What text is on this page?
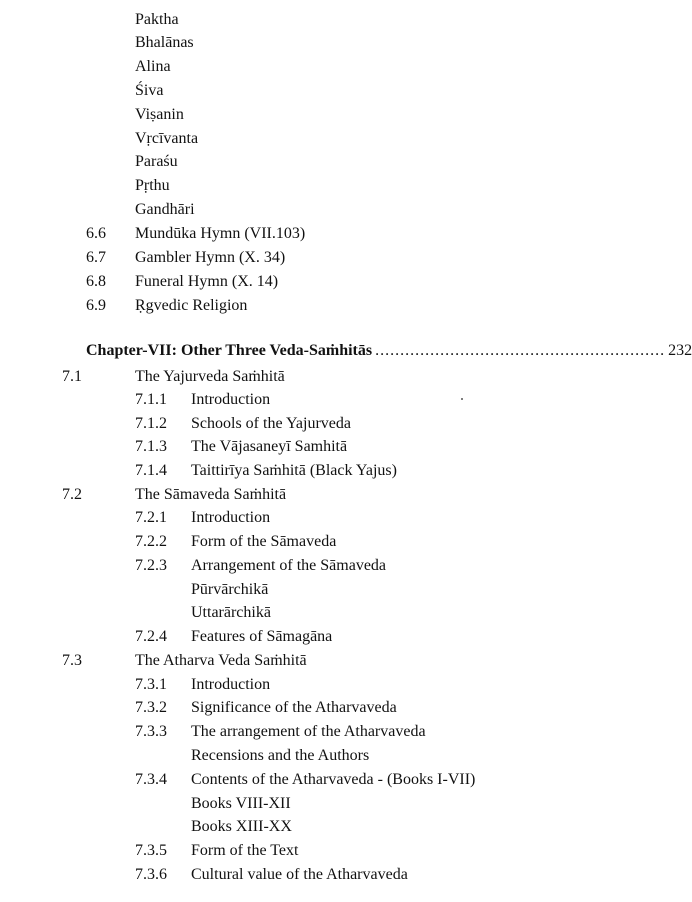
Paktha
Bhalānas
Alina
Śiva
Viṣanin
Vṛcīvanta
Paraśu
Pṛthu
Gandhāri
6.6 Mundūka Hymn (VII.103)
6.7 Gambler Hymn (X. 34)
6.8 Funeral Hymn (X. 14)
6.9 Ṛgvedic Religion
Chapter-VII: Other Three Veda-Saṁhitās .......................................................... 232
7.1	The Yajurveda Saṁhitā
7.1.1 Introduction
7.1.2 Schools of the Yajurveda
7.1.3 The Vājasaneyī Samhitā
7.1.4 Taittirīya Saṁhitā (Black Yajus)
7.2	The Sāmaveda Saṁhitā
7.2.1 Introduction
7.2.2 Form of the Sāmaveda
7.2.3 Arrangement of the Sāmaveda
Pūrvārchikā
Uttarārchikā
7.2.4 Features of Sāmagāna
7.3	The Atharva Veda Saṁhitā
7.3.1 Introduction
7.3.2 Significance of the Atharvaveda
7.3.3 The arrangement of the Atharvaveda
Recensions and the Authors
7.3.4 Contents of the Atharvaveda - (Books I-VII)
Books VIII-XII
Books XIII-XX
7.3.5 Form of the Text
7.3.6 Cultural value of the Atharvaveda
